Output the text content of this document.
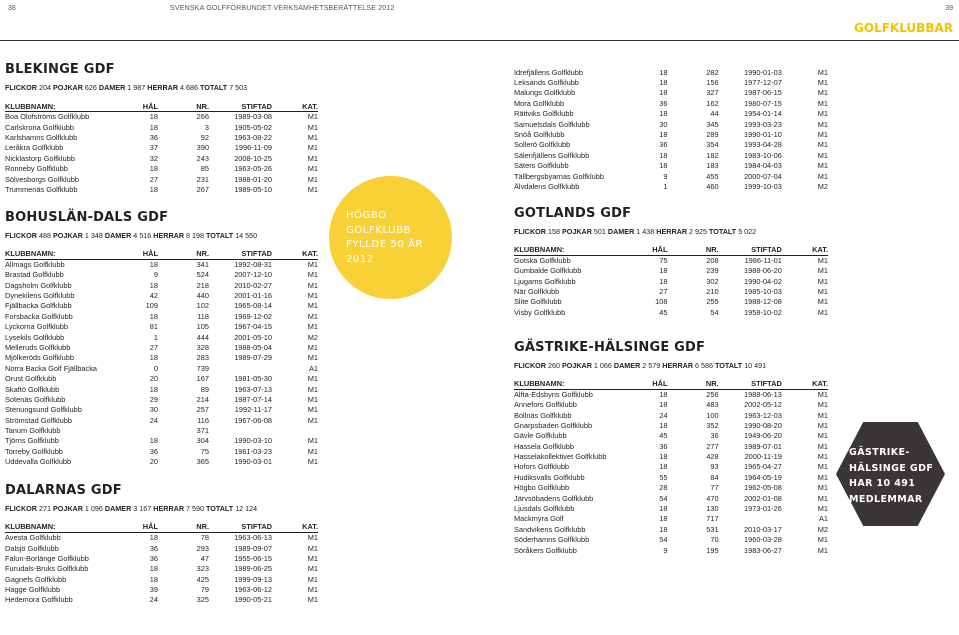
38	SVENSKA GOLFFÖRBUNDET VERKSAMHETSBERÄTTELSE 2012	39
GOLFKLUBBAR
BLEKINGE GDF
FLICKOR 204 POJKAR 626 DAMER 1 987 HERRAR 4 686 TOTALT 7 503
KLUBBNAMN:	HÅL	NR.	STIFTAD	KAT.
Boa Olofströms Golfklubb	18	266	1989-03-08	M1
Carlskrona Golfklubb	18	3	1905-05-02	M1
Karlshamns Golfklubb	36	92	1963-08-22	M1
Leråkra Golfklubb	37	390	1996-11-09	M1
Nicklastorp Golfklubb	32	243	2008-10-25	M1
Ronneby Golfklubb	18	85	1963-05-26	M1
Sölvesborgs Golfklubb	27	231	1988-01-20	M1
Trummenäs Golfklubb	18	267	1989-05-10	M1
BOHUSLÄN-DALS GDF
FLICKOR 488 POJKAR 1 348 DAMER 4 516 HERRAR 8 198 TOTALT 14 550
KLUBBNAMN:	HÅL	NR.	STIFTAD	KAT.
Allmags Golfklubb	18	341	1992-08-31	M1
Brastad Golfklubb	9	524	2007-12-10	M1
Dagsholm Golfklubb	18	218	2010-02-27	M1
Dynekilens Golfklubb	42	440	2001-01-16	M1
Fjällbacka Golfklubb	109	102	1965-08-14	M1
Forsbacka Golfklubb	18	118	1969-12-02	M1
Lyckorna Golfklubb	81	105	1967-04-15	M1
Lysekils Golfklubb	1	444	2001-05-10	M2
Melleruds Golfklubb	27	328	1988-05-04	M1
Mjölkeröds Golfklubb	18	283	1989-07-29	M1
Norra Backa Golf Fjällbacka	0	739		A1
Orust Golfklubb	20	167	1981-05-30	M1
Skaftö Golfklubb	18	89	1963-07-13	M1
Sotenäs Golfklubb	29	214	1987-07-14	M1
Stenungsund Golfklubb	30	257	1992-11-17	M1
Strömstad Golfklubb	24	116	1967-06-08	M1
Tanum Golfklubb		371		
Tjörns Golfklubb	18	304	1990-03-10	M1
Torreby Golfklubb	36	75	1961-03-23	M1
Uddevalla Golfklubb	20	365	1990-03-01	M1
DALARNAS GDF
FLICKOR 271 POJKAR 1 096 DAMER 3 167 HERRAR 7 590 TOTALT 12 124
KLUBBNAMN:	HÅL	NR.	STIFTAD	KAT.
Avesta Golfklubb	18	78	1963-06-13	M1
Dalsjö Golfklubb	36	293	1989-09-07	M1
Falun-Borlänge Golfklubb	36	47	1955-06-15	M1
Furudals-Bruks Golfklubb	18	323	1989-06-25	M1
Gagnefs Golfklubb	18	425	1999-09-13	M1
Hagge Golfklubb	39	79	1963-06-12	M1
Hedemora Golfklubb	24	325	1990-05-21	M1
HÖGBO
GOLFKLUBB
FYLLDE 50 ÅR
2012
Idrefjällens Golfklubb	18	282	1990-01-03	M1
Leksands Golfklubb	18	156	1977-12-07	M1
Malungs Golfklubb	18	327	1987-06-15	M1
Mora Golfklubb	36	162	1980-07-15	M1
Rättviks Golfklubb	18	44	1954-01-14	M1
Samuelsdals Golfklubb	30	345	1993-03-23	M1
Snöå Golfklubb	18	289	1990-01-10	M1
Sollerö Golfklubb	36	354	1993-04-28	M1
Sälenfjällens Golfklubb	18	182	1983-10-06	M1
Säters Golfklubb	18	183	1984-04-03	M1
Tällbergsbyarnas Golfklubb	9	455	2000-07-04	M1
Älvdalens Golfklubb	1	460	1999-10-03	M2
GOTLANDS GDF
FLICKOR 158 POJKAR 501 DAMER 1 438 HERRAR 2 925 TOTALT 5 022
KLUBBNAMN:	HÅL	NR.	STIFTAD	KAT.
Gotska Golfklubb	75	208	1986-11-01	M1
Gumbalde Golfklubb	18	239	1988-06-20	M1
Ljugarns Golfklubb	18	302	1990-04-02	M1
När Golfklubb	27	210	1985-10-03	M1
Slite Golfklubb	108	255	1988-12-08	M1
Visby Golfklubb	45	54	1958-10-02	M1
GÄSTRIKE-HÄLSINGE GDF
FLICKOR 260 POJKAR 1 066 DAMER 2 579 HERRAR 6 586 TOTALT 10 491
KLUBBNAMN:	HÅL	NR.	STIFTAD	KAT.
Alfta-Edsbyns Golfklubb	18	256	1988-06-13	M1
Annefors Golfklubb	18	483	2002-05-12	M1
Bollnäs Golfklubb	24	100	1963-12-03	M1
Gnarpsbaden Golfklubb	18	352	1990-08-20	M1
Gävle Golfklubb	45	36	1949-06-20	M1
Hassela Golfklubb	36	277	1989-07-01	M1
Hasselakollektivet Golfklubb	18	428	2000-11-19	M1
Hofors Golfklubb	18	93	1965-04-27	M1
Hudiksvalls Golfklubb	55	84	1964-05-19	M1
Högbo Golfklubb	28	77	1962-05-08	M1
Järvsöbadens Golfklubb	54	470	2002-01-08	M1
Ljusdals Golfklubb	18	130	1973-01-26	M1
Mackmyra Golf	18	717		A1
Sandvikens Golfklubb	18	531	2010-03-17	M2
Söderhamns Golfklubb	54	70	1960-03-28	M1
Söråkers Golfklubb	9	195	1983-06-27	M1
GÄSTRIKE-
HÄLSINGE GDF
HAR 10 491
MEDLEMMAR
